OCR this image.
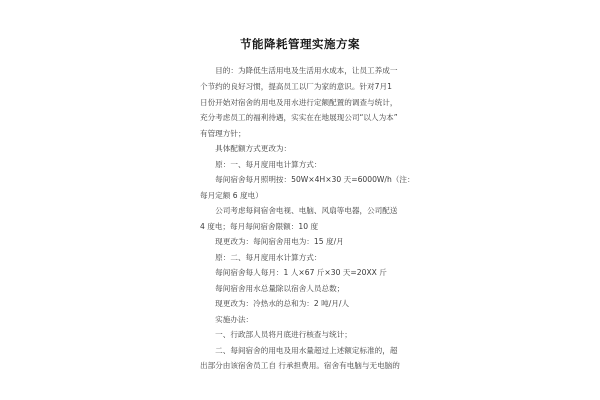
节能降耗管理实施方案

　　目的：为降低生活用电及生活用水成本，让员工养成一

个节约的良好习惯，提高员工以厂为家的意识。针对7月1

日份开始对宿舍的用电及用水进行定额配置的调查与统计，

充分考虑员工的福利待遇，实实在在地展现公司“以人为本”

有管理方针；

　　具体配额方式更改为：

　　原：一、每月度用电计算方式：

　　每间宿舍每月照明按：50W×4H×30 天=6000W/h（注：

每月定额 6 度电）

　　公司考虑每间宿舍电视、电脑、风扇等电器，公司配送

4 度电；每月每间宿舍限额：10 度

　　现更改为：每间宿舍用电为：15 度/月

　　原：二、每月度用水计算方式：

　　每间宿舍每人每月：1 人×67 斤×30 天=20XX 斤

　　每间宿舍用水总量除以宿舍人员总数；

　　现更改为：冷热水的总和为：2 吨/月/人

　　实施办法：

　　一、行政部人员将月底进行核查与统计；

　　二、每间宿舍的用电及用水量超过上述额定标准的，超

出部分由该宿舍员工自 行承担费用。宿舍有电脑与无电脑的
